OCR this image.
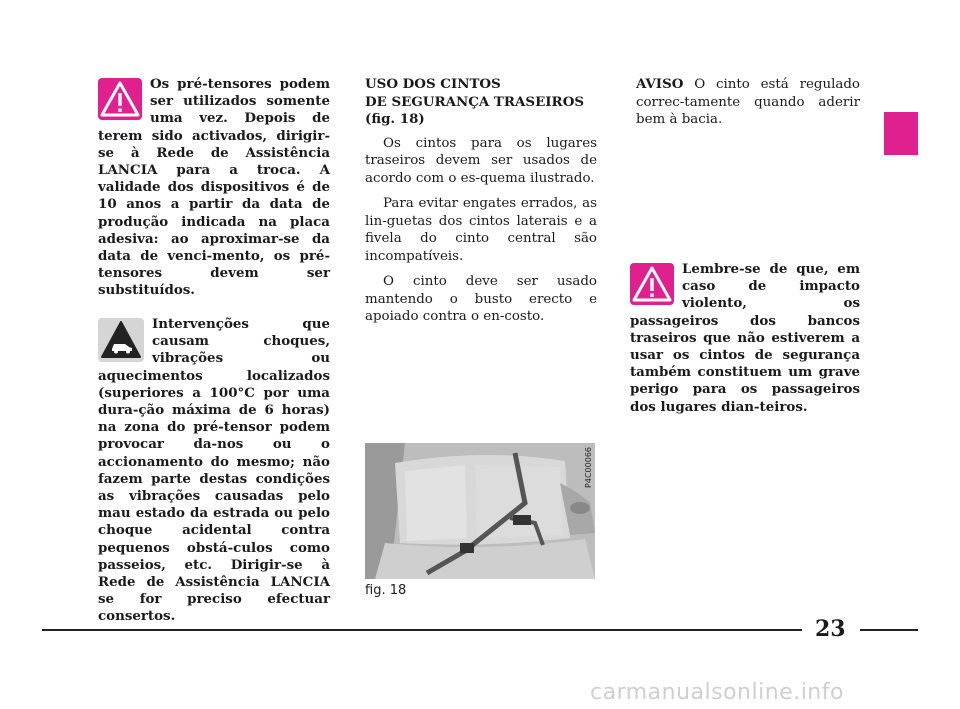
Os pré-tensores podem ser utilizados somente uma vez. Depois de terem sido activados, dirigir-se à Rede de Assistência LANCIA para a troca. A validade dos dispositivos é de 10 anos a partir da data de produção indicada na placa adesiva: ao aproximar-se da data de venci-mento, os pré-tensores devem ser substituídos.
Intervenções que causam choques, vibrações ou aquecimentos localizados (superiores a 100°C por uma dura-ção máxima de 6 horas) na zona do pré-tensor podem provocar da-nos ou o accionamento do mesmo; não fazem parte destas condições as vibrações causadas pelo mau estado da estrada ou pelo choque acidental contra pequenos obstá-culos como passeios, etc. Dirigir-se à Rede de Assistência LANCIA se for preciso efectuar consertos.
USO DOS CINTOS
DE SEGURANÇA TRASEIROS
(fig. 18)

Os cintos para os lugares traseiros devem ser usados de acordo com o es-quema ilustrado.

Para evitar engates errados, as lin-guetas dos cintos laterais e a fivela do cinto central são incompatíveis.

O cinto deve ser usado mantendo o busto erecto e apoiado contra o en-costo.

P4C00066
fig. 18

AVISO O cinto está regulado correc-tamente quando aderir bem à bacia.

Lembre-se de que, em caso de impacto violento, os passageiros dos bancos traseiros que não estiverem a usar os cintos de segurança também constituem um grave perigo para os passageiros dos lugares dian-teiros.
23
carmanualsonline.info
